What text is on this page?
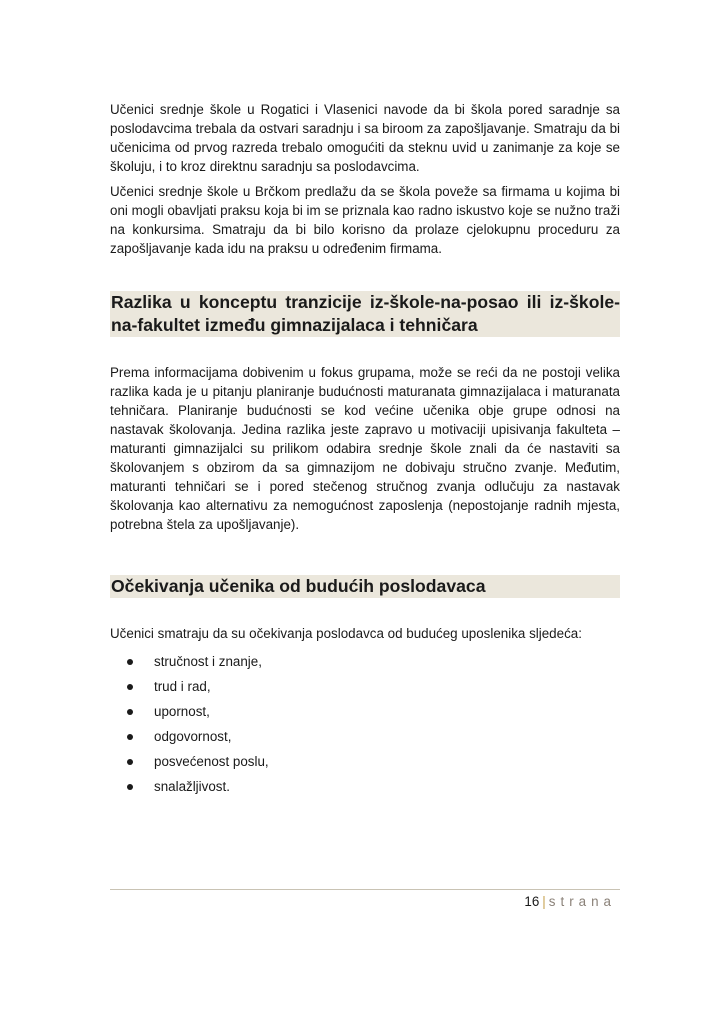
Učenici srednje škole u Rogatici i Vlasenici navode da bi škola pored saradnje sa poslodavcima trebala da ostvari saradnju i sa biroom za zapošljavanje. Smatraju da bi učenicima od prvog razreda trebalo omogućiti da steknu uvid u zanimanje za koje se školuju, i to kroz direktnu saradnju sa poslodavcima.

Učenici srednje škole u Brčkom predlažu da se škola poveže sa firmama u kojima bi oni mogli obavljati praksu koja bi im se priznala kao radno iskustvo koje se nužno traži na konkursima. Smatraju da bi bilo korisno da prolaze cjelokupnu proceduru za zapošljavanje kada idu na praksu u određenim firmama.

Razlika u konceptu tranzicije iz-škole-na-posao ili iz-škole-na-fakultet između gimnazijalaca i tehničara

Prema informacijama dobivenim u fokus grupama, može se reći da ne postoji velika razlika kada je u pitanju planiranje budućnosti maturanata gimnazijalaca i maturanata tehničara. Planiranje budućnosti se kod većine učenika obje grupe odnosi na nastavak školovanja. Jedina razlika jeste zapravo u motivaciji upisivanja fakulteta – maturanti gimnazijalci su prilikom odabira srednje škole znali da će nastaviti sa školovanjem s obzirom da sa gimnazijom ne dobivaju stručno zvanje. Međutim, maturanti tehničari se i pored stečenog stručnog zvanja odlučuju za nastavak školovanja kao alternativu za nemogućnost zaposlenja (nepostojanje radnih mjesta, potrebna štela za upošljavanje).

Očekivanja učenika od budućih poslodavaca

Učenici smatraju da su očekivanja poslodavca od budućeg uposlenika sljedeća:

stručnost i znanje,
trud i rad,
upornost,
odgovornost,
posvećenost poslu,
snalažljivost.
16 | strana
